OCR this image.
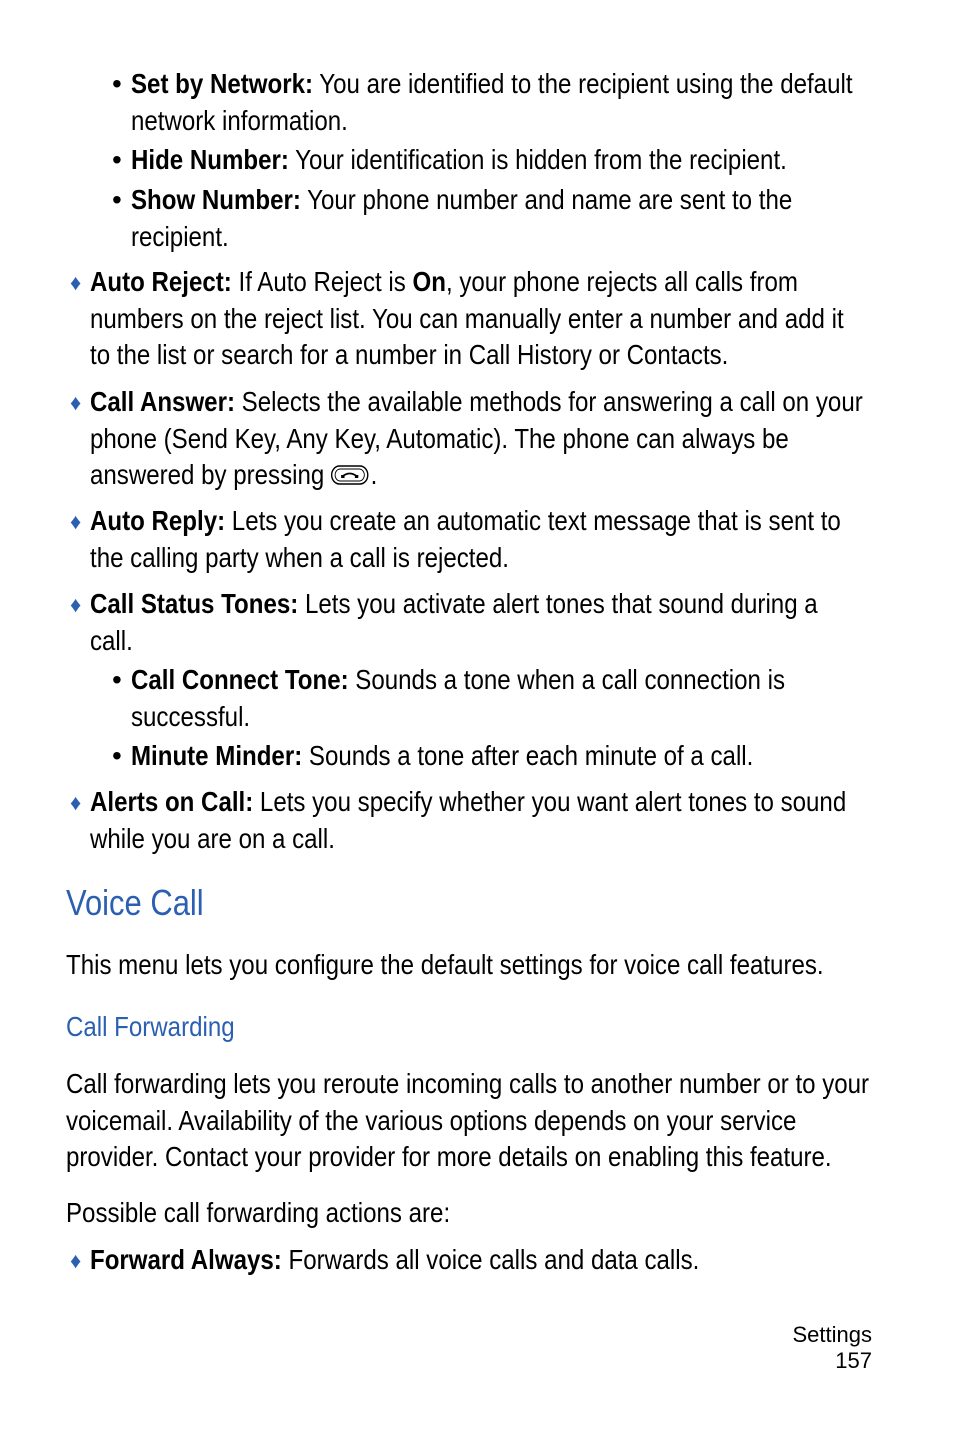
• Set by Network: You are identified to the recipient using the default
network information.
• Hide Number: Your identification is hidden from the recipient.
• Show Number: Your phone number and name are sent to the
recipient.
♦ Auto Reject: If Auto Reject is On, your phone rejects all calls from
numbers on the reject list. You can manually enter a number and add it
to the list or search for a number in Call History or Contacts.
♦ Call Answer: Selects the available methods for answering a call on your
phone (Send Key, Any Key, Automatic). The phone can always be
answered by pressing .
♦ Auto Reply: Lets you create an automatic text message that is sent to
the calling party when a call is rejected.
♦ Call Status Tones: Lets you activate alert tones that sound during a
call.
• Call Connect Tone: Sounds a tone when a call connection is
successful.
• Minute Minder: Sounds a tone after each minute of a call.
♦ Alerts on Call: Lets you specify whether you want alert tones to sound
while you are on a call.
Voice Call
This menu lets you configure the default settings for voice call features.
Call Forwarding
Call forwarding lets you reroute incoming calls to another number or to your
voicemail. Availability of the various options depends on your service
provider. Contact your provider for more details on enabling this feature.
Possible call forwarding actions are:
♦ Forward Always: Forwards all voice calls and data calls.
Settings
157
